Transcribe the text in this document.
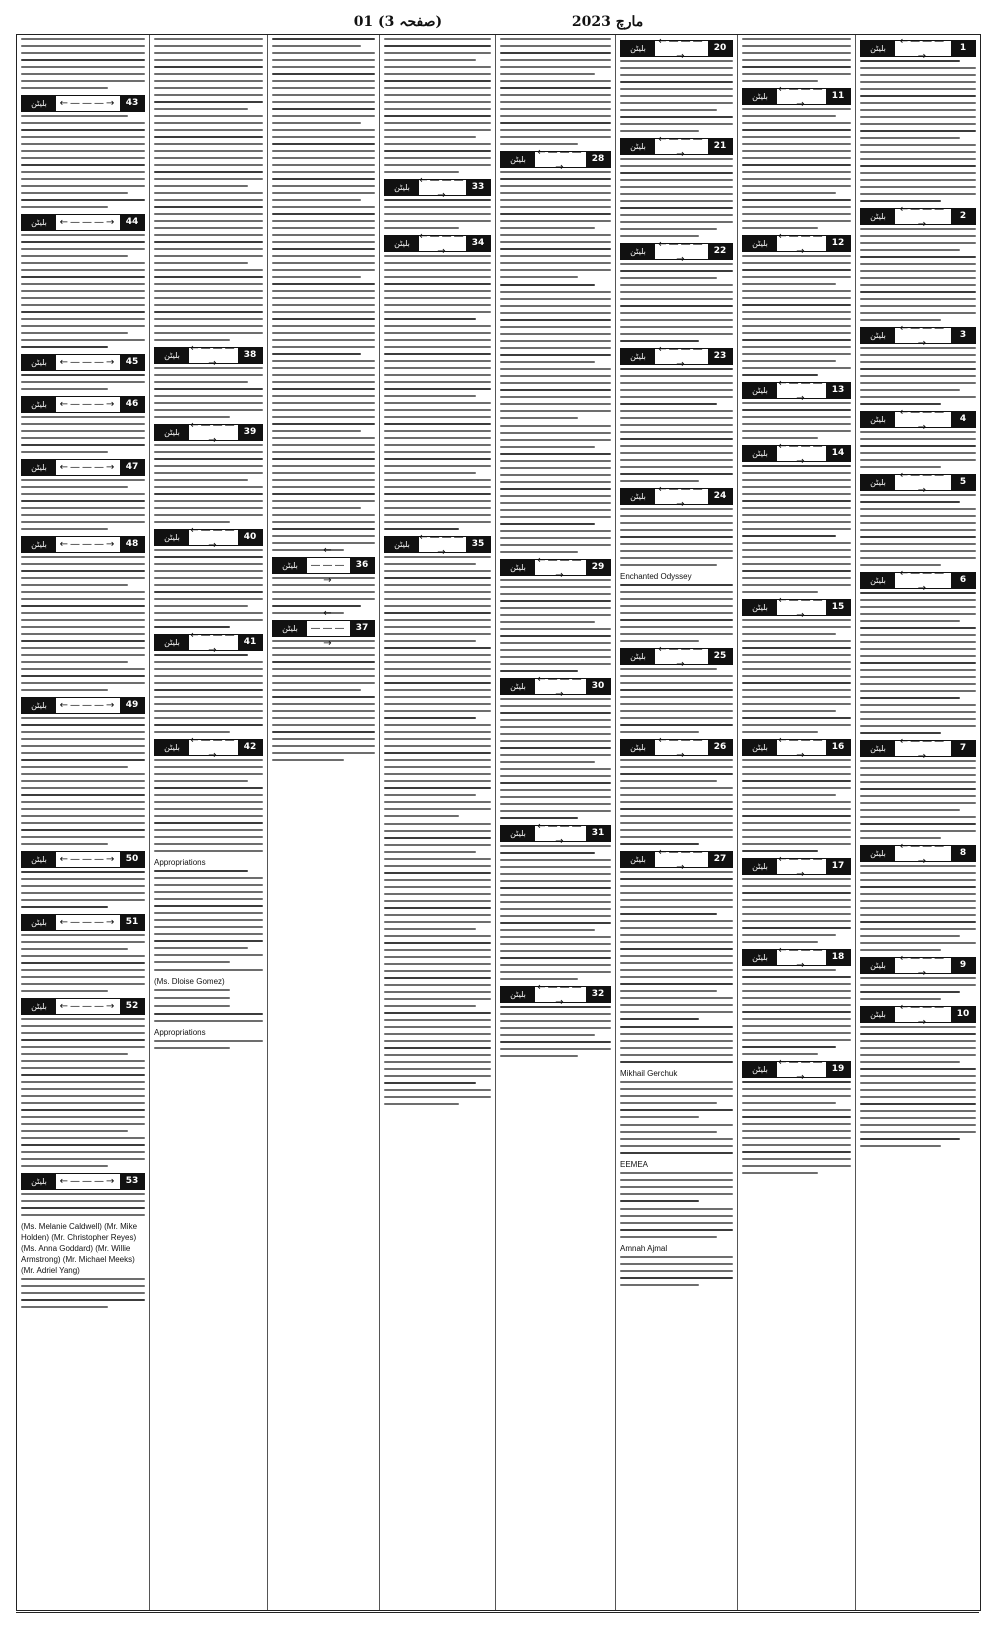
01 مارچ 2023  (صفحہ 3)
1
←———→
بلیٹن
2
←———→
بلیٹن
3
←———→
بلیٹن
4
←———→
بلیٹن
5
←———→
بلیٹن
6
←———→
بلیٹن
7
←———→
بلیٹن
8
←———→
بلیٹن
9
←———→
بلیٹن
10
←———→
بلیٹن
11
←———→
بلیٹن
12
←———→
بلیٹن
13
←———→
بلیٹن
14
←———→
بلیٹن
15
←———→
بلیٹن
16
←———→
بلیٹن
17
←———→
بلیٹن
18
←———→
بلیٹن
19
←———→
بلیٹن
20
←———→
بلیٹن
21
←———→
بلیٹن
22
←———→
بلیٹن
23
←———→
بلیٹن
24
←———→
بلیٹن
Enchanted Odyssey
25
←———→
بلیٹن
26
←———→
بلیٹن
27
←———→
بلیٹن
Mikhail Gerchuk
EEMEA
Amnah Ajmal
28
←———→
بلیٹن
29
←———→
بلیٹن
30
←———→
بلیٹن
31
←———→
بلیٹن
32
←———→
بلیٹن
33
←———→
بلیٹن
34
←———→
بلیٹن
35
←———→
بلیٹن
36
←———→
بلیٹن
37
←———→
بلیٹن
38
←———→
بلیٹن
39
←———→
بلیٹن
40
←———→
بلیٹن
41
←———→
بلیٹن
42
←———→
بلیٹن
Appropriations
(Ms. Dloise Gomez)
Appropriations
43
←———→
بلیٹن
44
←———→
بلیٹن
45
←———→
بلیٹن
46
←———→
بلیٹن
47
←———→
بلیٹن
48
←———→
بلیٹن
49
←———→
بلیٹن
50
←———→
بلیٹن
51
←———→
بلیٹن
52
←———→
بلیٹن
53
←———→
بلیٹن
(Ms. Melanie Caldwell) (Mr. Mike Holden) (Mr. Christopher Reyes) (Ms. Anna Goddard) (Mr. Willie Armstrong) (Mr. Michael Meeks) (Mr. Adriel Yang)
